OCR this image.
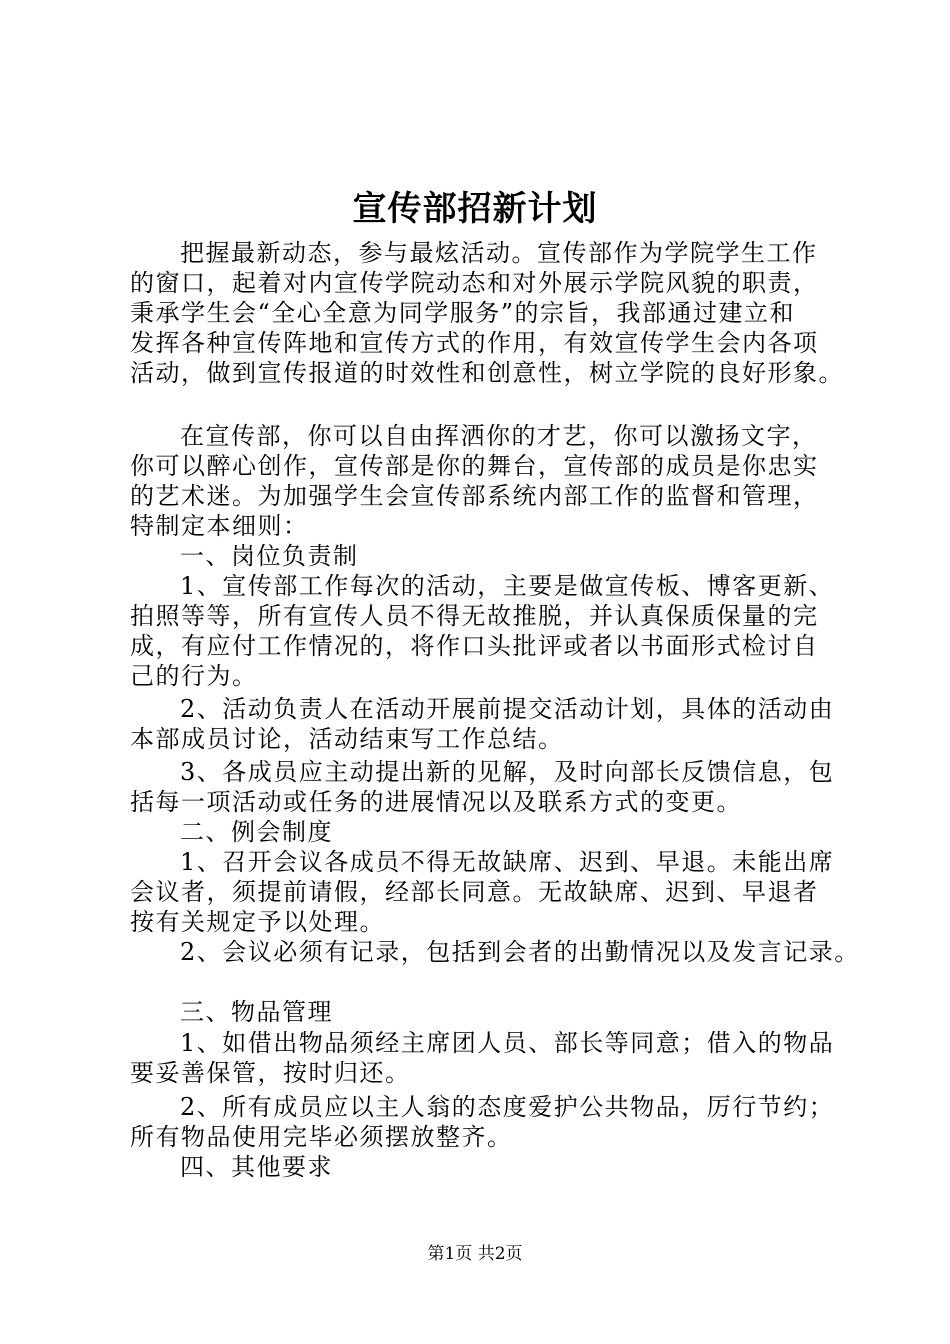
宣传部招新计划
把握最新动态，参与最炫活动。宣传部作为学院学生工作
的窗口，起着对内宣传学院动态和对外展示学院风貌的职责，
秉承学生会“全心全意为同学服务”的宗旨，我部通过建立和
发挥各种宣传阵地和宣传方式的作用，有效宣传学生会内各项
活动，做到宣传报道的时效性和创意性，树立学院的良好形象。
在宣传部，你可以自由挥洒你的才艺，你可以激扬文字，
你可以醉心创作，宣传部是你的舞台，宣传部的成员是你忠实
的艺术迷。为加强学生会宣传部系统内部工作的监督和管理，
特制定本细则：
一、岗位负责制
1、宣传部工作每次的活动，主要是做宣传板、博客更新、
拍照等等，所有宣传人员不得无故推脱，并认真保质保量的完
成，有应付工作情况的，将作口头批评或者以书面形式检讨自
己的行为。
2、活动负责人在活动开展前提交活动计划，具体的活动由
本部成员讨论，活动结束写工作总结。
3、各成员应主动提出新的见解，及时向部长反馈信息，包
括每一项活动或任务的进展情况以及联系方式的变更。
二、例会制度
1、召开会议各成员不得无故缺席、迟到、早退。未能出席
会议者，须提前请假，经部长同意。无故缺席、迟到、早退者
按有关规定予以处理。
2、会议必须有记录，包括到会者的出勤情况以及发言记录。
三、物品管理
1、如借出物品须经主席团人员、部长等同意；借入的物品
要妥善保管，按时归还。
2、所有成员应以主人翁的态度爱护公共物品，厉行节约；
所有物品使用完毕必须摆放整齐。
四、其他要求
第1页 共2页
